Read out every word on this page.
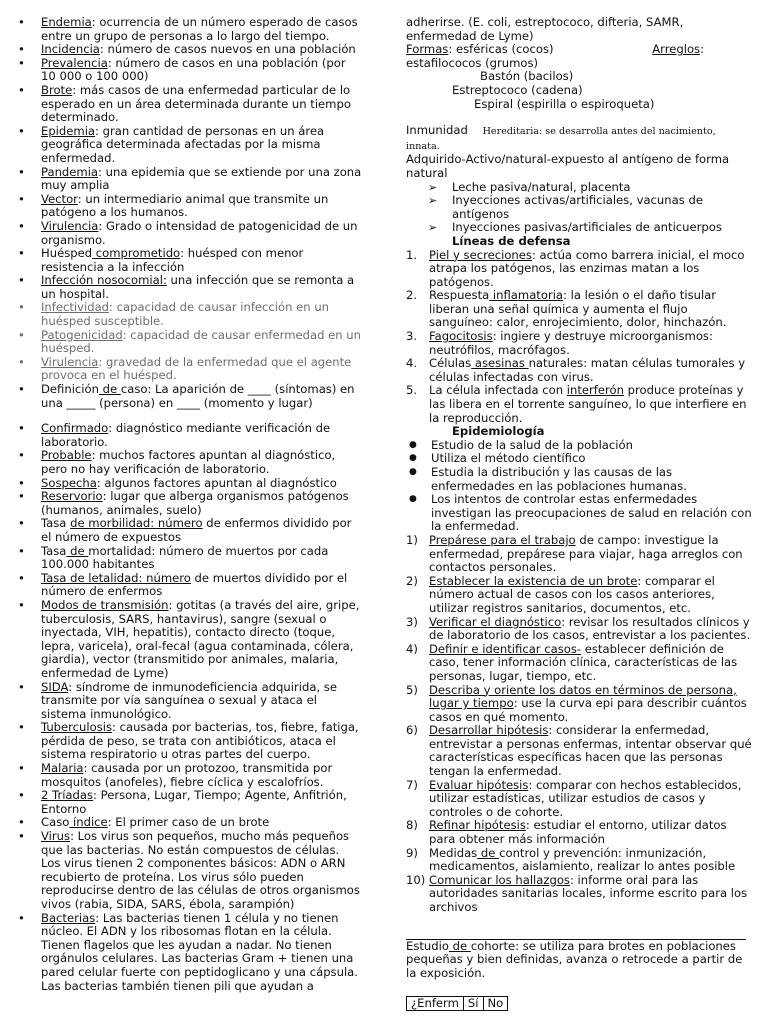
• Endemia: ocurrencia de un número esperado de casos entre un grupo de personas a lo largo del tiempo.
• Incidencia: número de casos nuevos en una población
• Prevalencia: número de casos en una población (por 10 000 o 100 000)
• Brote: más casos de una enfermedad particular de lo esperado en un área determinada durante un tiempo determinado.
• Epidemia: gran cantidad de personas en un área geográfica determinada afectadas por la misma enfermedad.
• Pandemia: una epidemia que se extiende por una zona muy amplia
• Vector: un intermediario animal que transmite un patógeno a los humanos.
• Virulencia: Grado o intensidad de patogenicidad de un organismo.
• Huésped comprometido: huésped con menor resistencia a la infección
• Infección nosocomial: una infección que se remonta a un hospital.
• Infectividad: capacidad de causar infección en un huésped susceptible.
• Patogenicidad: capacidad de causar enfermedad en un huésped.
• Virulencia: gravedad de la enfermedad que el agente provoca en el huésped.
• Definición de caso: La aparición de ____ (síntomas) en una _____ (persona) en ____ (momento y lugar)
• Confirmado: diagnóstico mediante verificación de laboratorio.
• Probable: muchos factores apuntan al diagnóstico, pero no hay verificación de laboratorio.
• Sospecha: algunos factores apuntan al diagnóstico
• Reservorio: lugar que alberga organismos patógenos (humanos, animales, suelo)
• Tasa de morbilidad: número de enfermos dividido por el número de expuestos
• Tasa de mortalidad: número de muertos por cada 100.000 habitantes
• Tasa de letalidad: número de muertos dividido por el número de enfermos
• Modos de transmisión: gotitas (a través del aire, gripe, tuberculosis, SARS, hantavirus), sangre (sexual o inyectada, VIH, hepatitis), contacto directo (toque, lepra, varicela), oral-fecal (agua contaminada, cólera, giardia), vector (transmitido por animales, malaria, enfermedad de Lyme)
• SIDA: síndrome de inmunodeficiencia adquirida, se transmite por vía sanguínea o sexual y ataca el sistema inmunológico.
• Tuberculosis: causada por bacterias, tos, fiebre, fatiga, pérdida de peso, se trata con antibióticos, ataca el sistema respiratorio u otras partes del cuerpo.
• Malaria: causada por un protozoo, transmitida por mosquitos (anofeles), fiebre cíclica y escalofríos.
• 2 Tríadas: Persona, Lugar, Tiempo; Agente, Anfitrión, Entorno
• Caso índice: El primer caso de un brote
• Virus: Los virus son pequeños, mucho más pequeños que las bacterias. No están compuestos de células. Los virus tienen 2 componentes básicos: ADN o ARN recubierto de proteína. Los virus sólo pueden reproducirse dentro de las células de otros organismos vivos (rabia, SIDA, SARS, ébola, sarampión)
• Bacterias: Las bacterias tienen 1 célula y no tienen núcleo. El ADN y los ribosomas flotan en la célula. Tienen flagelos que les ayudan a nadar. No tienen orgánulos celulares. Las bacterias Gram + tienen una pared celular fuerte con peptidoglicano y una cápsula. Las bacterias también tienen pili que ayudan a
adherirse. (E. coli, estreptococo, difteria, SAMR, enfermedad de Lyme)
Formas: esféricas (cocos)	Arreglos:
estafilococos (grumos)
Bastón (bacilos)
Estreptococo (cadena)
Espiral (espirilla o espiroqueta)
Inmunidad Hereditaria: se desarrolla antes del nacimiento, innata.
Adquirido-Activo/natural-expuesto al antígeno de forma natural
➢ Leche pasiva/natural, placenta
➢ Inyecciones activas/artificiales, vacunas de antígenos
➢ Inyecciones pasivas/artificiales de anticuerpos
Líneas de defensa
1. Piel y secreciones: actúa como barrera inicial, el moco atrapa los patógenos, las enzimas matan a los patógenos.
2. Respuesta inflamatoria: la lesión o el daño tisular liberan una señal química y aumenta el flujo sanguíneo: calor, enrojecimiento, dolor, hinchazón.
3. Fagocitosis: ingiere y destruye microorganismos: neutrófilos, macrófagos.
4. Células asesinas naturales: matan células tumorales y células infectadas con virus.
5. La célula infectada con interferón produce proteínas y las libera en el torrente sanguíneo, lo que interfiere en la reproducción.
Epidemiología
● Estudio de la salud de la población
● Utiliza el método científico
● Estudia la distribución y las causas de las enfermedades en las poblaciones humanas.
● Los intentos de controlar estas enfermedades investigan las preocupaciones de salud en relación con la enfermedad.
1) Prepárese para el trabajo de campo: investigue la enfermedad, prepárese para viajar, haga arreglos con contactos personales.
2) Establecer la existencia de un brote: comparar el número actual de casos con los casos anteriores, utilizar registros sanitarios, documentos, etc.
3) Verificar el diagnóstico: revisar los resultados clínicos y de laboratorio de los casos, entrevistar a los pacientes.
4) Definir e identificar casos- establecer definición de caso, tener información clínica, características de las personas, lugar, tiempo, etc.
5) Describa y oriente los datos en términos de persona, lugar y tiempo: use la curva epi para describir cuántos casos en qué momento.
6) Desarrollar hipótesis: considerar la enfermedad, entrevistar a personas enfermas, intentar observar qué características específicas hacen que las personas tengan la enfermedad.
7) Evaluar hipótesis: comparar con hechos establecidos, utilizar estadísticas, utilizar estudios de casos y controles o de cohorte.
8) Refinar hipótesis: estudiar el entorno, utilizar datos para obtener más información
9) Medidas de control y prevención: inmunización, medicamentos, aislamiento, realizar lo antes posible
10) Comunicar los hallazgos: informe oral para las autoridades sanitarias locales, informe escrito para los archivos
Estudio de cohorte: se utiliza para brotes en poblaciones pequeñas y bien definidas, avanza o retrocede a partir de la exposición.
¿Enferm	Sí	No
